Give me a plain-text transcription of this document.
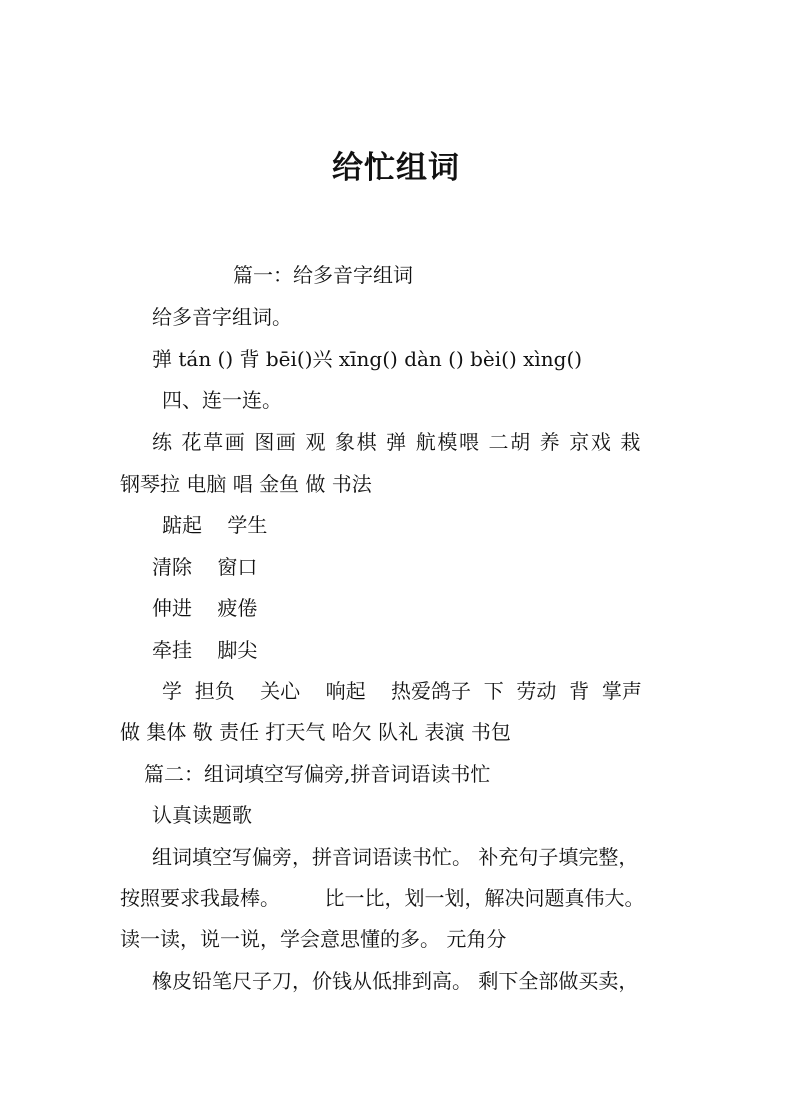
给忙组词
篇一：给多音字组词
给多音字组词。
弹 tán () 背 bēi()兴 xīng() dàn () bèi() xìng()
四、连一连。
练 花草画 图画 观 象棋 弹 航模喂 二胡 养 京戏 栽
钢琴拉 电脑 唱 金鱼 做 书法
踮起    学生
清除    窗口
伸进    疲倦
牵挂    脚尖
学  担负    关心    响起    热爱鸽子  下  劳动  背  掌声
做 集体 敬 责任 打天气 哈欠 队礼 表演 书包
篇二：组词填空写偏旁,拼音词语读书忙
认真读题歌
组词填空写偏旁，拼音词语读书忙。 补充句子填完整，
按照要求我最棒。       比一比，划一划，解决问题真伟大。
读一读，说一说，学会意思懂的多。 元角分
橡皮铅笔尺子刀，价钱从低排到高。 剩下全部做买卖，
